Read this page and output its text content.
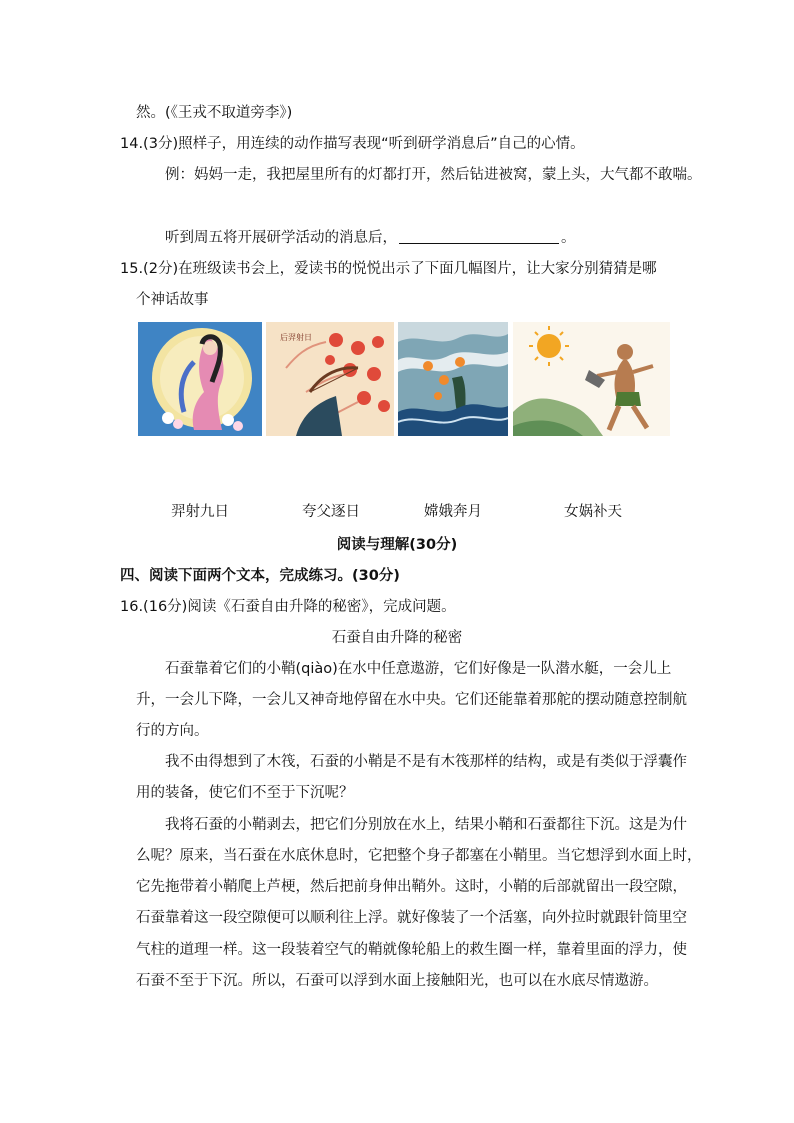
然。(《王戎不取道旁李》)
14.(3分)照样子，用连续的动作描写表现“听到研学消息后”自己的心情。
例：妈妈一走，我把屋里所有的灯都打开，然后钻进被窝，蒙上头，大气都不敢喘。
听到周五将开展研学活动的消息后，	。
15.(2分)在班级读书会上，爱读书的悦悦出示了下面几幅图片，让大家分别猜猜是哪
个神话故事
后羿射日
羿射九日	夸父逐日	嫦娥奔月	女娲补天
阅读与理解(30分)
四、阅读下面两个文本，完成练习。(30分)
16.(16分)阅读《石蚕自由升降的秘密》，完成问题。
石蚕自由升降的秘密
石蚕靠着它们的小鞘(qiào)在水中任意遨游，它们好像是一队潜水艇，一会儿上
升，一会儿下降，一会儿又神奇地停留在水中央。它们还能靠着那舵的摆动随意控制航
行的方向。
我不由得想到了木筏，石蚕的小鞘是不是有木筏那样的结构，或是有类似于浮囊作
用的装备，使它们不至于下沉呢？
我将石蚕的小鞘剥去，把它们分别放在水上，结果小鞘和石蚕都往下沉。这是为什
么呢？原来，当石蚕在水底休息时，它把整个身子都塞在小鞘里。当它想浮到水面上时，
它先拖带着小鞘爬上芦梗，然后把前身伸出鞘外。这时，小鞘的后部就留出一段空隙，
石蚕靠着这一段空隙便可以顺利往上浮。就好像装了一个活塞，向外拉时就跟针筒里空
气柱的道理一样。这一段装着空气的鞘就像轮船上的救生圈一样，靠着里面的浮力，使
石蚕不至于下沉。所以，石蚕可以浮到水面上接触阳光，也可以在水底尽情遨游。
